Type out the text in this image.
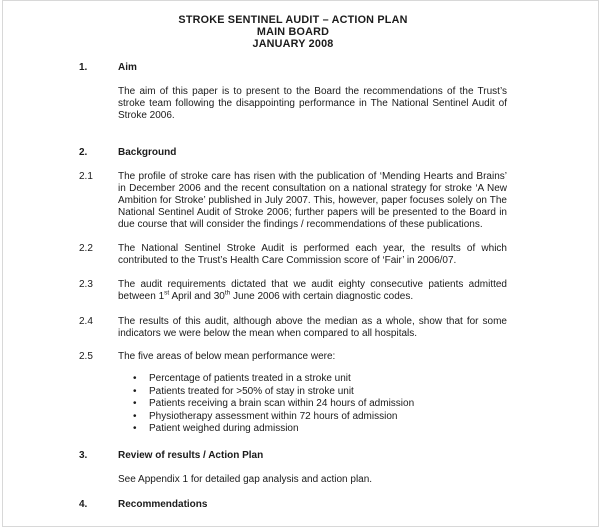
STROKE SENTINEL AUDIT – ACTION PLAN
MAIN BOARD
JANUARY 2008
1.	Aim

The aim of this paper is to present to the Board the recommendations of the Trust’s stroke team following the disappointing performance in The National Sentinel Audit of Stroke 2006.

2.	Background
2.1	The profile of stroke care has risen with the publication of ‘Mending Hearts and Brains’ in December 2006 and the recent consultation on a national strategy for stroke ‘A New Ambition for Stroke’ published in July 2007. This, however, paper focuses solely on The National Sentinel Audit of Stroke 2006; further papers will be presented to the Board in due course that will consider the findings / recommendations of these publications.

2.2	The National Sentinel Stroke Audit is performed each year, the results of which contributed to the Trust’s Health Care Commission score of ‘Fair’ in 2006/07.

2.3	The audit requirements dictated that we audit eighty consecutive patients admitted between 1st April and 30th June 2006 with certain diagnostic codes.

2.4	The results of this audit, although above the median as a whole, show that for some indicators we were below the mean when compared to all hospitals.

2.5	The five areas of below mean performance were:

•	Percentage of patients treated in a stroke unit
•	Patients treated for >50% of stay in stroke unit
•	Patients receiving a brain scan within 24 hours of admission
•	Physiotherapy assessment within 72 hours of admission
•	Patient weighed during admission
3.	Review of results / Action Plan

See Appendix 1 for detailed gap analysis and action plan.

4.	Recommendations
